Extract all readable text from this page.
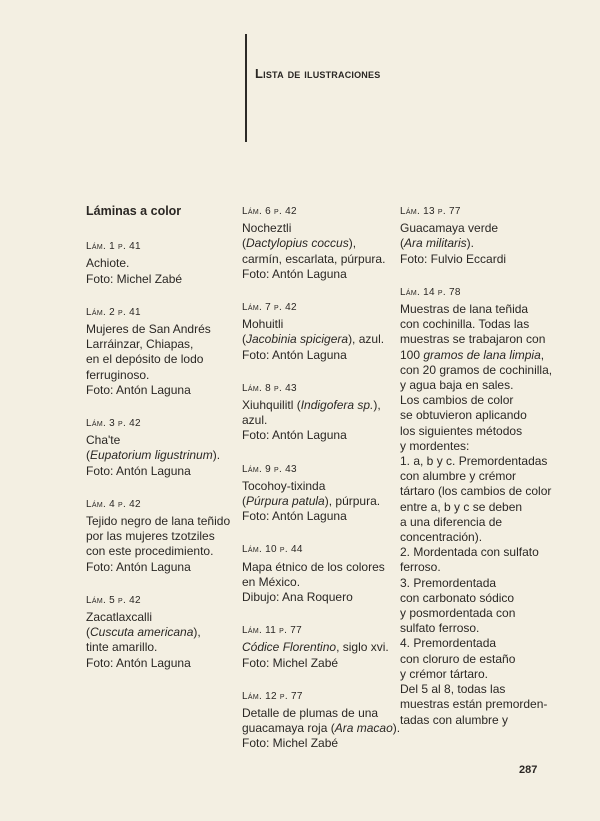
Lista de ilustraciones
Láminas a color
Lám. 1 p. 41
Achiote.
Foto: Michel Zabé
Lám. 2 p. 41
Mujeres de San Andrés
Larráinzar, Chiapas,
en el depósito de lodo
ferruginoso.
Foto: Antón Laguna
Lám. 3 p. 42
Cha'te
(Eupatorium ligustrinum).
Foto: Antón Laguna
Lám. 4 p. 42
Tejido negro de lana teñido
por las mujeres tzotziles
con este procedimiento.
Foto: Antón Laguna
Lám. 5 p. 42
Zacatlaxcalli
(Cuscuta americana),
tinte amarillo.
Foto: Antón Laguna
Lám. 6 p. 42
Nocheztli
(Dactylopius coccus),
carmín, escarlata, púrpura.
Foto: Antón Laguna
Lám. 7 p. 42
Mohuitli
(Jacobinia spicigera), azul.
Foto: Antón Laguna
Lám. 8 p. 43
Xiuhquilitl (Indigofera sp.),
azul.
Foto: Antón Laguna
Lám. 9 p. 43
Tocohoy-tixinda
(Púrpura patula), púrpura.
Foto: Antón Laguna
Lám. 10 p. 44
Mapa étnico de los colores
en México.
Dibujo: Ana Roquero
Lám. 11 p. 77
Códice Florentino, siglo xvi.
Foto: Michel Zabé
Lám. 12 p. 77
Detalle de plumas de una
guacamaya roja (Ara macao).
Foto: Michel Zabé
Lám. 13 p. 77
Guacamaya verde
(Ara militaris).
Foto: Fulvio Eccardi
Lám. 14 p. 78
Muestras de lana teñida
con cochinilla. Todas las
muestras se trabajaron con
100 gramos de lana limpia,
con 20 gramos de cochinilla,
y agua baja en sales.
Los cambios de color
se obtuvieron aplicando
los siguientes métodos
y mordentes:
1. a, b y c. Premordentadas
con alumbre y crémor
tártaro (los cambios de color
entre a, b y c se deben
a una diferencia de
concentración).
2. Mordentada con sulfato
ferroso.
3. Premordentada
con carbonato sódico
y posmordentada con
sulfato ferroso.
4. Premordentada
con cloruro de estaño
y crémor tártaro.
Del 5 al 8, todas las
muestras están premorden-
tadas con alumbre y
287
